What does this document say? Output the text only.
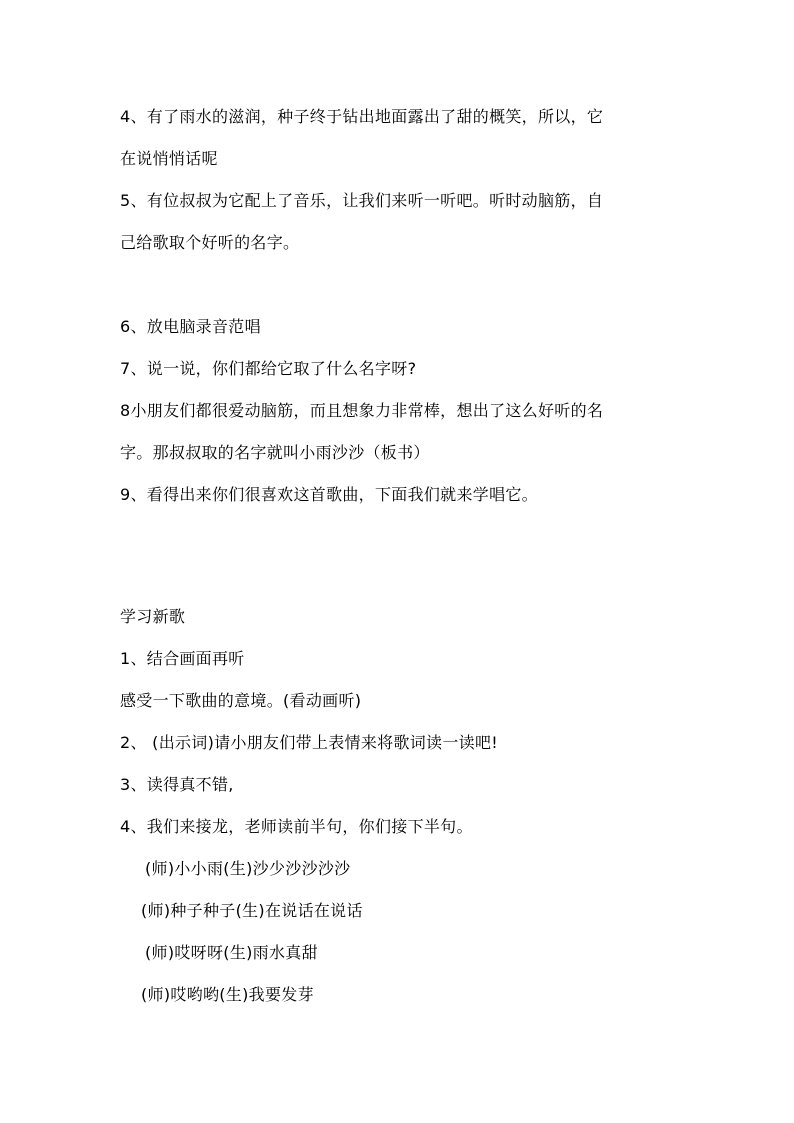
4、有了雨水的滋润，种子终于钻出地面露出了甜的概笑，所以，它
在说悄悄话呢
5、有位叔叔为它配上了音乐，让我们来听一听吧。听时动脑筋，自
己给歌取个好听的名字。
6、放电脑录音范唱
7、说一说，你们都给它取了什么名字呀?
8小朋友们都很爱动脑筋，而且想象力非常棒，想出了这么好听的名
字。那叔叔取的名字就叫小雨沙沙（板书）
9、看得出来你们很喜欢这首歌曲，下面我们就来学唱它。
学习新歌
1、结合画面再听
感受一下歌曲的意境。(看动画听)
2、 (出示词)请小朋友们带上表情来将歌词读一读吧!
3、读得真不错,
4、我们来接龙，老师读前半句，你们接下半句。
(师)小小雨(生)沙少沙沙沙沙
(师)种子种子(生)在说话在说话
(师)哎呀呀(生)雨水真甜
(师)哎哟哟(生)我要发芽
